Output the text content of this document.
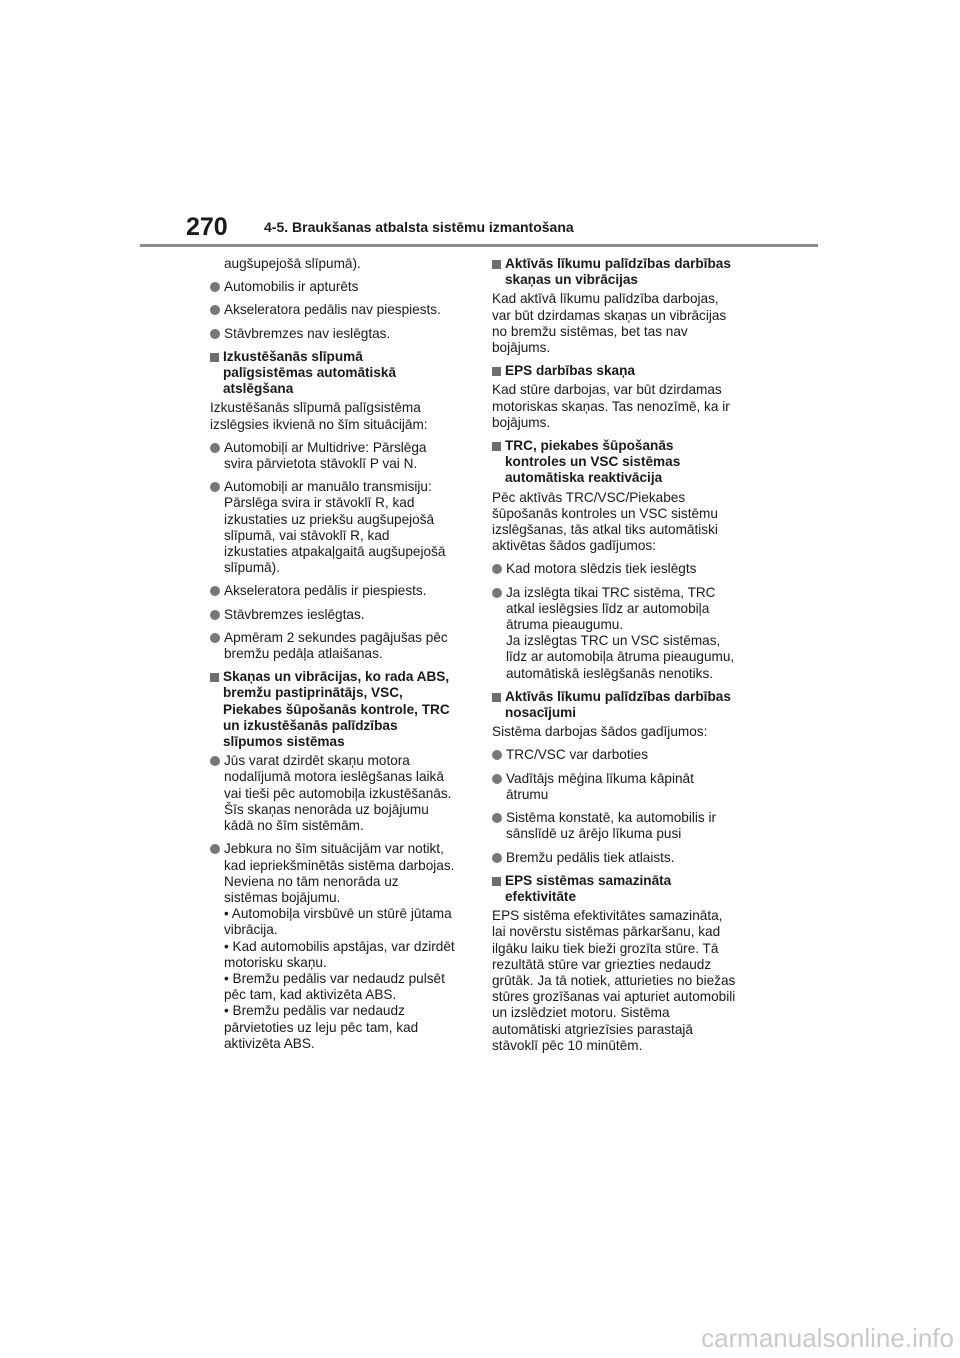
270	4-5. Braukšanas atbalsta sistēmu izmantošana
augšupejošā slīpumā).
Automobilis ir apturēts
Akseleratora pedālis nav piespiests.
Stāvbremzes nav ieslēgtas.
Izkustēšanās slīpumā
palīgsistēmas automātiskā
atslēgšana
Izkustēšanās slīpumā palīgsistēma
izslēgsies ikvienā no šīm situācijām:
Automobiļi ar Multidrive: Pārslēga
svira pārvietota stāvoklī P vai N.
Automobiļi ar manuālo transmisiju:
Pārslēga svira ir stāvoklī R, kad
izkustaties uz priekšu augšupejošā
slīpumā, vai stāvoklī R, kad
izkustaties atpakaļgaitā augšupejošā
slīpumā).
Akseleratora pedālis ir piespiests.
Stāvbremzes ieslēgtas.
Apmēram 2 sekundes pagājušas pēc
bremžu pedāļa atlaišanas.
Skaņas un vibrācijas, ko rada ABS,
bremžu pastiprinātājs, VSC,
Piekabes šūpošanās kontrole, TRC
un izkustēšanās palīdzības
slīpumos sistēmas
Jūs varat dzirdēt skaņu motora
nodalījumā motora ieslēgšanas laikā
vai tieši pēc automobiļa izkustēšanās.
Šīs skaņas nenorāda uz bojājumu
kādā no šīm sistēmām.
Jebkura no šīm situācijām var notikt,
kad iepriekšminētās sistēma darbojas.
Neviena no tām nenorāda uz
sistēmas bojājumu.
• Automobiļa virsbūvē un stūrē jūtama
vibrācija.
• Kad automobilis apstājas, var dzirdēt
motorisku skaņu.
• Bremžu pedālis var nedaudz pulsēt
pēc tam, kad aktivizēta ABS.
• Bremžu pedālis var nedaudz
pārvietoties uz leju pēc tam, kad
aktivizēta ABS.
Aktīvās līkumu palīdzības darbības
skaņas un vibrācijas
Kad aktīvā līkumu palīdzība darbojas,
var būt dzirdamas skaņas un vibrācijas
no bremžu sistēmas, bet tas nav
bojājums.
EPS darbības skaņa
Kad stūre darbojas, var būt dzirdamas
motoriskas skaņas. Tas nenozīmē, ka ir
bojājums.
TRC, piekabes šūpošanās
kontroles un VSC sistēmas
automātiska reaktivācija
Pēc aktīvās TRC/VSC/Piekabes
šūpošanās kontroles un VSC sistēmu
izslēgšanas, tās atkal tiks automātiski
aktivētas šādos gadījumos:
Kad motora slēdzis tiek ieslēgts
Ja izslēgta tikai TRC sistēma, TRC
atkal ieslēgsies līdz ar automobiļa
ātruma pieaugumu.
Ja izslēgtas TRC un VSC sistēmas,
līdz ar automobiļa ātruma pieaugumu,
automātiskā ieslēgšanās nenotiks.
Aktīvās līkumu palīdzības darbības
nosacījumi
Sistēma darbojas šādos gadījumos:
TRC/VSC var darboties
Vadītājs mēģina līkuma kāpināt
ātrumu
Sistēma konstatē, ka automobilis ir
sānslīdē uz ārējo līkuma pusi
Bremžu pedālis tiek atlaists.
EPS sistēmas samazināta
efektivitāte
EPS sistēma efektivitātes samazināta,
lai novērstu sistēmas pārkaršanu, kad
ilgāku laiku tiek bieži grozīta stūre. Tā
rezultātā stūre var griezties nedaudz
grūtāk. Ja tā notiek, atturieties no biežas
stūres grozīšanas vai apturiet automobili
un izslēdziet motoru. Sistēma
automātiski atgriezīsies parastajā
stāvoklī pēc 10 minūtēm.
carmanualsonline.info
